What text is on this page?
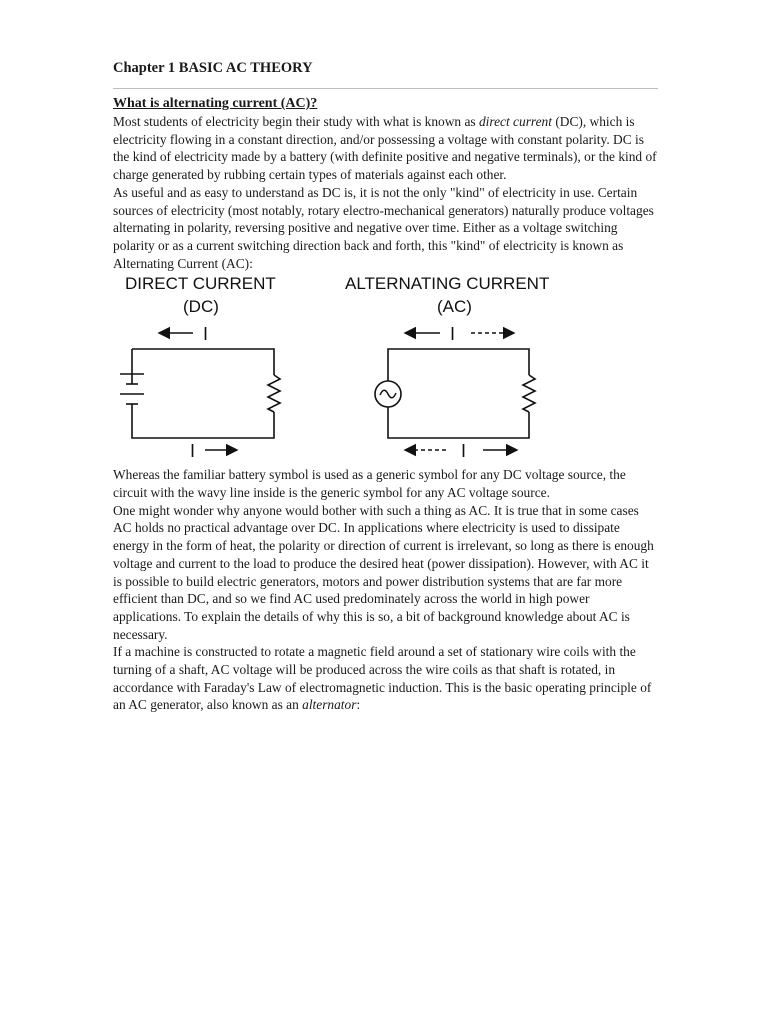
Chapter 1 BASIC AC THEORY
What is alternating current (AC)?

Most students of electricity begin their study with what is known as direct current (DC), which is electricity flowing in a constant direction, and/or possessing a voltage with constant polarity. DC is the kind of electricity made by a battery (with definite positive and negative terminals), or the kind of charge generated by rubbing certain types of materials against each other.

As useful and as easy to understand as DC is, it is not the only "kind" of electricity in use. Certain sources of electricity (most notably, rotary electro-mechanical generators) naturally produce voltages alternating in polarity, reversing positive and negative over time. Either as a voltage switching polarity or as a current switching direction back and forth, this "kind" of electricity is known as Alternating Current (AC):

DIRECT CURRENT
(DC)
I
I
ALTERNATING CURRENT
(AC)
I
I

Whereas the familiar battery symbol is used as a generic symbol for any DC voltage source, the circuit with the wavy line inside is the generic symbol for any AC voltage source.

One might wonder why anyone would bother with such a thing as AC. It is true that in some cases AC holds no practical advantage over DC. In applications where electricity is used to dissipate energy in the form of heat, the polarity or direction of current is irrelevant, so long as there is enough voltage and current to the load to produce the desired heat (power dissipation). However, with AC it is possible to build electric generators, motors and power distribution systems that are far more efficient than DC, and so we find AC used predominately across the world in high power applications. To explain the details of why this is so, a bit of background knowledge about AC is necessary.

If a machine is constructed to rotate a magnetic field around a set of stationary wire coils with the turning of a shaft, AC voltage will be produced across the wire coils as that shaft is rotated, in accordance with Faraday's Law of electromagnetic induction. This is the basic operating principle of an AC generator, also known as an alternator:
